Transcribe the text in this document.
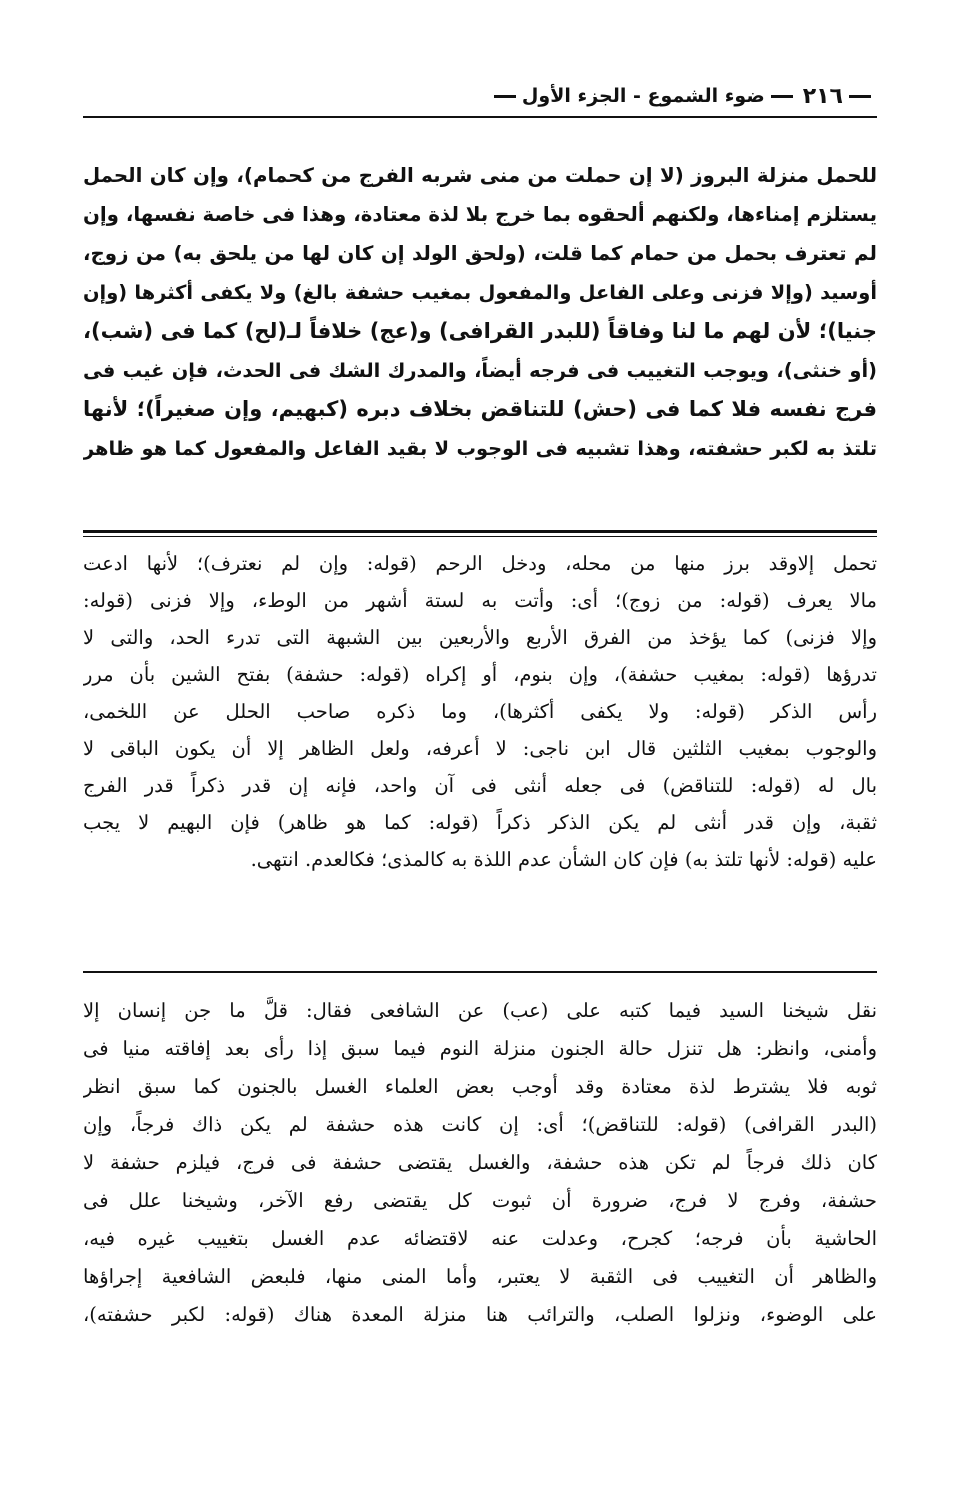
٢١٦
ضوء الشموع - الجزء الأول
للحمل منزلة البروز (لا إن حملت من منى شربه الفرج من كحمام)، وإن كان الحمل
يستلزم إمناءها، ولكنهم ألحقوه بما خرج بلا لذة معتادة، وهذا فى خاصة نفسها، وإن
لم تعترف بحمل من حمام كما قلت، (ولحق الولد إن كان لها من يلحق به) من زوج،
أوسيد (وإلا فزنى وعلى الفاعل والمفعول بمغيب حشفة بالغ) ولا يكفى أكثرها (وإن
جنيا)؛ لأن لهم ما لنا وفاقاً (للبدر القرافى) و(عج) خلافاً لـ(لح) كما فى (شب)،
(أو خنثى)، ويوجب التغييب فى فرجه أيضاً، والمدرك الشك فى الحدث، فإن غيب فى
فرج نفسه فلا كما فى (حش) للتناقض بخلاف دبره (كبهيم، وإن صغيراً)؛ لأنها
تلتذ به لكبر حشفته، وهذا تشبيه فى الوجوب لا بقيد الفاعل والمفعول كما هو ظاهر
تحمل إلاوقد برز منها من محله، ودخل الرحم (قوله: وإن لم نعترف)؛ لأنها ادعت
مالا يعرف (قوله: من زوج)؛ أى: وأتت به لستة أشهر من الوطء، وإلا فزنى (قوله:
وإلا فزنى) كما يؤخذ من الفرق الأربع والأربعين بين الشبهة التى تدرء الحد، والتى لا
تدرؤها (قوله: بمغيب حشفة)، وإن بنوم، أو إكراه (قوله: حشفة) بفتح الشين بأن مرر
رأس الذكر (قوله: ولا يكفى أكثرها)، وما ذكره صاحب الحلل عن اللخمى،
والوجوب بمغيب الثلثين قال ابن ناجى: لا أعرفه، ولعل الظاهر إلا أن يكون الباقى لا
بال له (قوله: للتناقض) فى جعله أنثى فى آن واحد، فإنه إن قدر ذكراً قدر الفرج
ثقبة، وإن قدر أنثى لم يكن الذكر ذكراً (قوله: كما هو ظاهر) فإن البهيم لا يجب
عليه (قوله: لأنها تلتذ به) فإن كان الشأن عدم اللذة به كالمذى؛ فكالعدم. انتهى.
نقل شيخنا السيد فيما كتبه على (عب) عن الشافعى فقال: قلَّ ما جن إنسان إلا
وأمنى، وانظر: هل تنزل حالة الجنون منزلة النوم فيما سبق إذا رأى بعد إفاقته منيا فى
ثوبه فلا يشترط لذة معتادة وقد أوجب بعض العلماء الغسل بالجنون كما سبق انظر
(البدر القرافى) (قوله: للتناقض)؛ أى: إن كانت هذه حشفة لم يكن ذاك فرجاً، وإن
كان ذلك فرجاً لم تكن هذه حشفة، والغسل يقتضى حشفة فى فرج، فيلزم حشفة لا
حشفة، وفرج لا فرج، ضرورة أن ثبوت كل يقتضى رفع الآخر، وشيخنا علل فى
الحاشية بأن فرجه؛ كجرح، وعدلت عنه لاقتضائه عدم الغسل بتغييب غيره فيه،
والظاهر أن التغييب فى الثقبة لا يعتبر، وأما المنى منها، فلبعض الشافعية إجراؤها
على الوضوء، ونزلوا الصلب، والترائب هنا منزلة المعدة هناك (قوله: لكبر حشفته)،
